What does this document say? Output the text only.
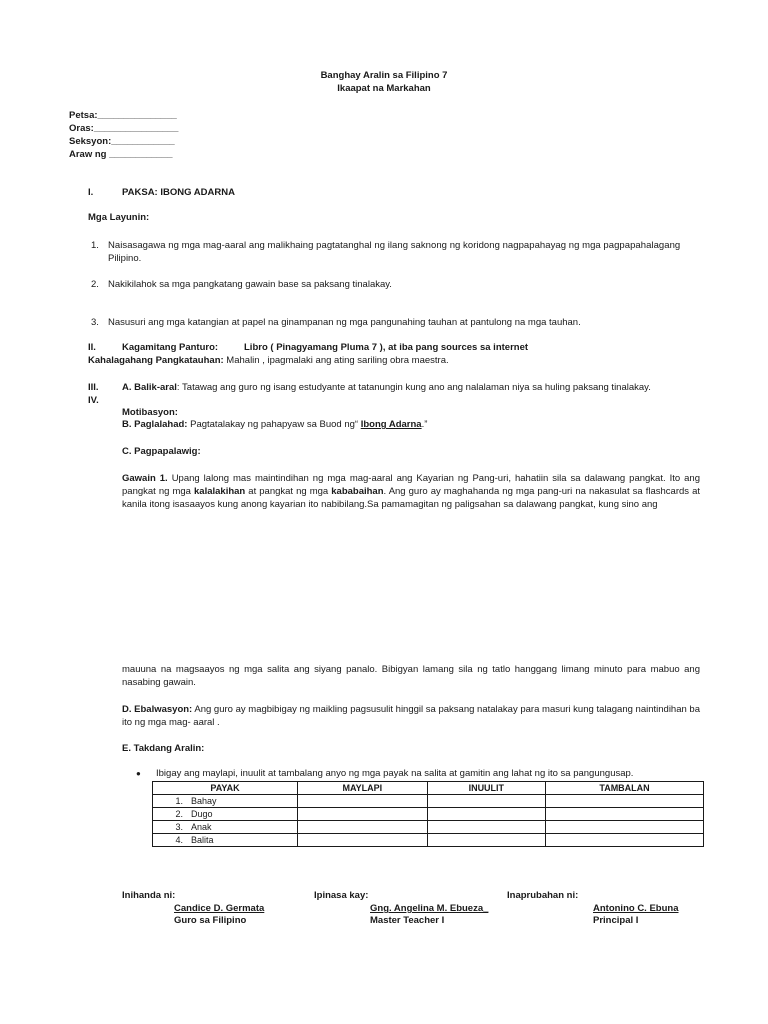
Banghay Aralin sa Filipino 7
Ikaapat na Markahan
Petsa:_______________
Oras:________________
Seksyon:____________
Araw ng ____________
I.	PAKSA: IBONG ADARNA
Mga Layunin:
1. Naisasagawa ng mga mag-aaral ang malikhaing pagtatanghal ng ilang saknong ng koridong nagpapahayag ng mga pagpapahalagang
Pilipino.
2. Nakikilahok sa mga pangkatang gawain base sa paksang tinalakay.
3. Nasusuri ang mga katangian at papel na ginampanan ng mga pangunahing tauhan at pantulong na mga tauhan.
II.	Kagamitang Panturo:	Libro ( Pinagyamang Pluma 7 ), at iba pang sources sa internet
Kahalagahang Pangkatauhan: Mahalin , ipagmalaki ang ating sariling obra maestra.
III.
IV.
A. Balik-aral: Tatawag ang guro ng isang estudyante at tatanungin kung ano ang nalalaman niya sa huling paksang tinalakay.
Motibasyon:
B. Paglalahad: Pagtatalakay ng pahapyaw sa Buod ng“ Ibong Adarna.”
C. Pagpapalawig:
Gawain 1. Upang lalong mas maintindihan ng mga mag-aaral ang Kayarian ng Pang-uri, hahatiin sila sa dalawang pangkat. Ito ang pangkat ng mga kalalakihan at pangkat ng mga kababaihan. Ang guro ay maghahanda ng mga pang-uri na nakasulat sa flashcards at kanila itong isasaayos kung anong kayarian ito nabibilang.Sa pamamagitan ng paligsahan sa dalawang pangkat, kung sino ang
mauuna na magsaayos ng mga salita ang siyang panalo. Bibigyan lamang sila ng tatlo hanggang limang minuto para mabuo ang nasabing gawain.
D. Ebalwasyon: Ang guro ay magbibigay ng maikling pagsusulit hinggil sa paksang natalakay para masuri kung talagang naintindihan ba ito ng mga mag- aaral .
E. Takdang Aralin:
● Ibigay ang maylapi, inuulit at tambalang anyo ng mga payak na salita at gamitin ang lahat ng ito sa pangungusap.
PAYAK	MAYLAPI	INUULIT	TAMBALAN
1. Bahay			
2. Dugo			
3. Anak			
4. Balita			
Inihanda ni:
Candice D. Germata
Guro sa Filipino
Ipinasa kay:
Gng. Angelina M. Ebueza_
Master Teacher I
Inaprubahan ni:
Antonino C. Ebuna
Principal I
